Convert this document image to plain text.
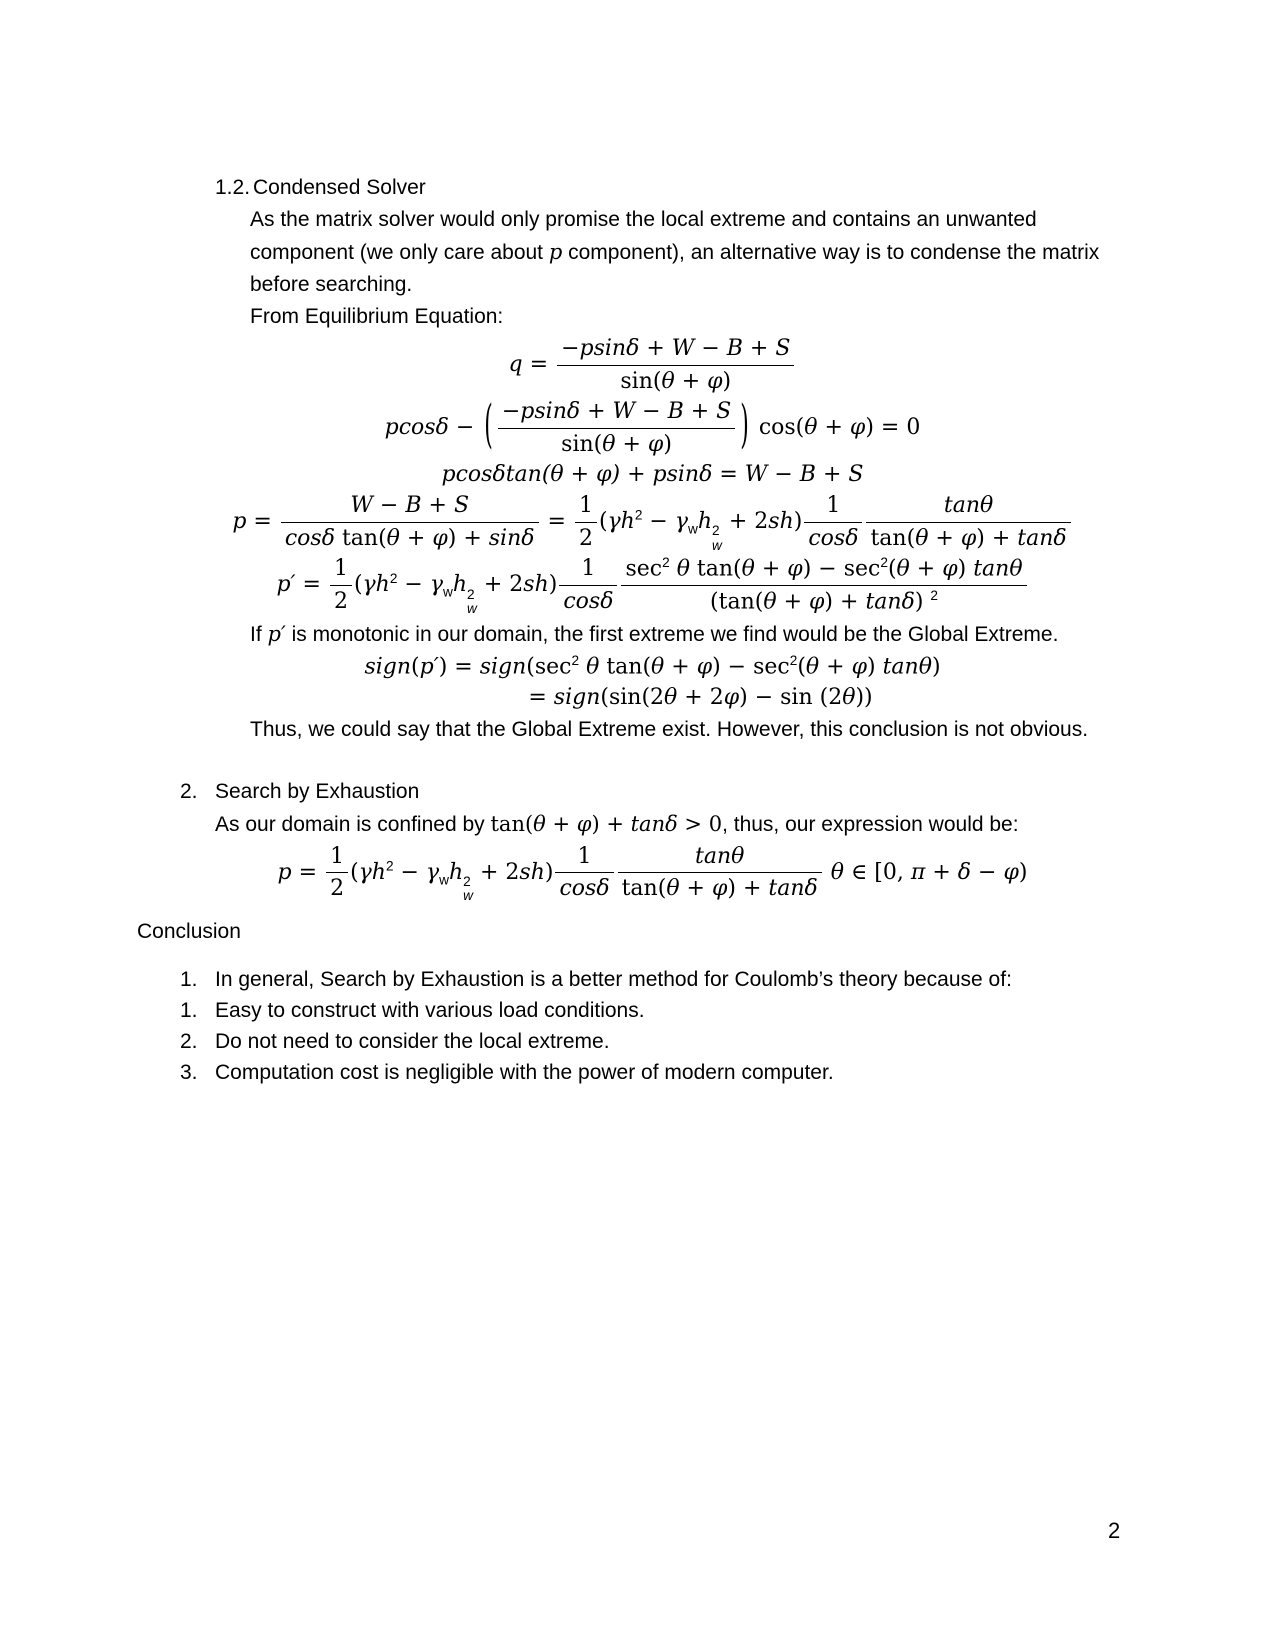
1.2. Condensed Solver

As the matrix solver would only promise the local extreme and contains an unwanted component (we only care about p component), an alternative way is to condense the matrix before searching.

From Equilibrium Equation:

$q = \frac{-psin\delta + W - B + S}{\sin(\theta + \varphi)}$
pcosδ − ( $\frac{-psin\delta + W - B + S}{\sin(\theta + \varphi)}$ ) cos(θ + φ) = 0
pcosδtan(θ + φ) + psinδ = W − B + S
$p = \frac{W - B + S}{\text{cosδ tan(θ + φ) + sinδ}} = \frac{1}{2} (\gamma h^2 - \gamma_wh$ 2
w
+ $2sh) \frac{1}{\cos\delta} \frac{\tan\theta}{\tan(\theta + \varphi) + \tan\delta}$
$p' = \frac{1}{2} (\gamma h^2 - \gamma_wh$ 2
w
+ $2sh) \frac{1}{\cos\delta} \sec^2 \theta$ $\tan(\theta + \varphi) - \sec^2(\theta + \varphi)$ tanθ
(tan(θ + φ) + tanδ) $^2$

If p′ is monotonic in our domain, the first extreme we find would be the Global Extreme.

sign(p′) = $sign(\sec^2$ θ $\tan(\theta + \varphi) - \sec^2(\theta + \varphi)$ tanθ)
= sign(sin(2θ + 2φ) − sin (2θ))

Thus, we could say that the Global Extreme exist. However, this conclusion is not obvious.

2. Search by Exhaustion

As our domain is confined by tan(θ + φ) + tanδ > 0, thus, our expression would be:

$p = \frac{1}{2} (\gamma h^2 - \gamma_wh$ 2
w
+ $2sh) \frac{1}{\cos\delta} \frac{\tan\theta}{\tan(\theta + \varphi) + \tan\delta}$ θ ∈ [0, π + δ − φ)
Conclusion
1. In general, Search by Exhaustion is a better method for Coulomb’s theory because of:
1. Easy to construct with various load conditions.
2. Do not need to consider the local extreme.
3. Computation cost is negligible with the power of modern computer.
2
